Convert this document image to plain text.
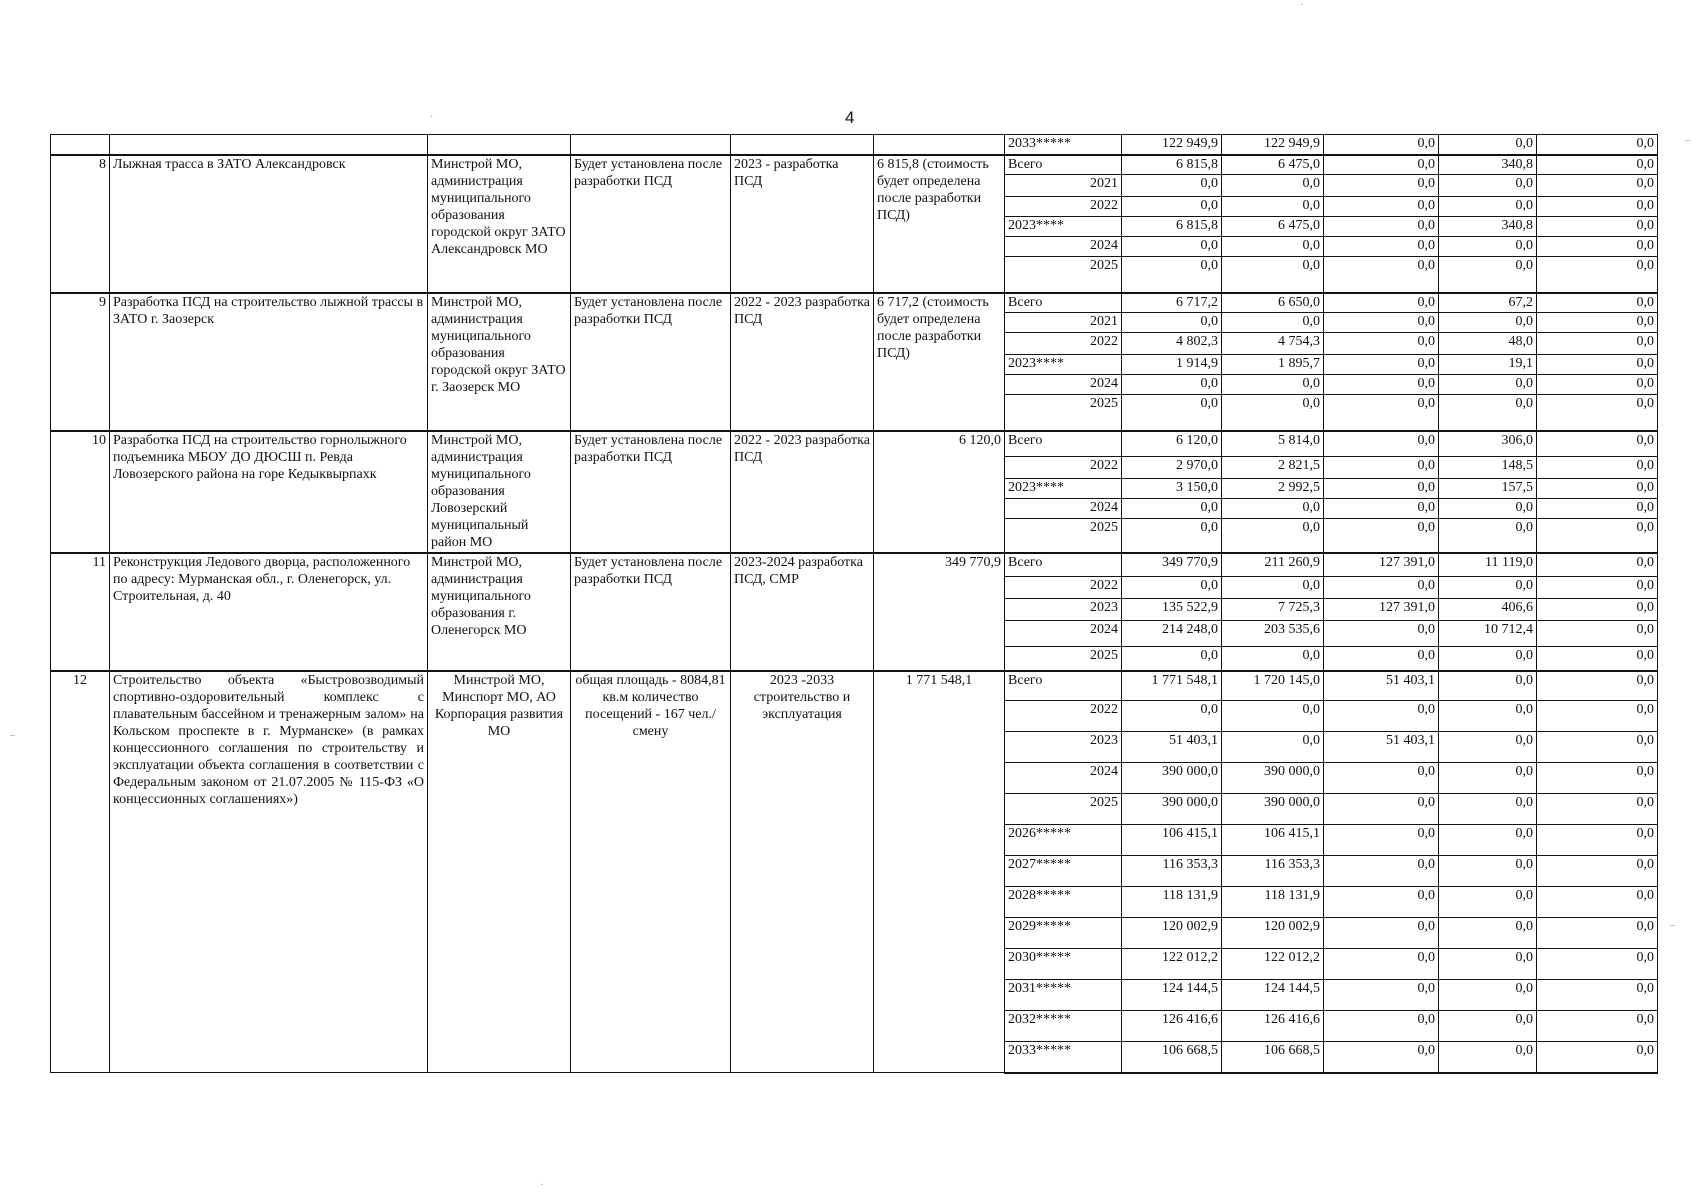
4
						2033*****	122 949,9	122 949,9	0,0	0,0	0,0
8	Лыжная трасса в ЗАТО Александровск	Минстрой МО, администрация муниципального образования городской округ ЗАТО Александровск МО	Будет установлена после разработки ПСД	2023 - разработка ПСД	6 815,8 (стоимость будет определена после разработки ПСД)	Всего	6 815,8	6 475,0	0,0	340,8	0,0
						2021	0,0	0,0	0,0	0,0	0,0
						2022	0,0	0,0	0,0	0,0	0,0
						2023****	6 815,8	6 475,0	0,0	340,8	0,0
						2024	0,0	0,0	0,0	0,0	0,0
						2025	0,0	0,0	0,0	0,0	0,0
9	Разработка ПСД на строительство лыжной трассы в ЗАТО г. Заозерск	Минстрой МО, администрация муниципального образования городской округ ЗАТО г. Заозерск МО	Будет установлена после разработки ПСД	2022 - 2023 разработка ПСД	6 717,2 (стоимость будет определена после разработки ПСД)	Всего	6 717,2	6 650,0	0,0	67,2	0,0
						2021	0,0	0,0	0,0	0,0	0,0
						2022	4 802,3	4 754,3	0,0	48,0	0,0
						2023****	1 914,9	1 895,7	0,0	19,1	0,0
						2024	0,0	0,0	0,0	0,0	0,0
						2025	0,0	0,0	0,0	0,0	0,0
10	Разработка ПСД на строительство горнолыжного подъемника МБОУ ДО ДЮСШ п. Ревда Ловозерского района на горе Кедыквырпахк	Минстрой МО, администрация муниципального образования Ловозерский муниципальный район МО	Будет установлена после разработки ПСД	2022 - 2023 разработка ПСД	6 120,0	Всего	6 120,0	5 814,0	0,0	306,0	0,0
						2022	2 970,0	2 821,5	0,0	148,5	0,0
						2023****	3 150,0	2 992,5	0,0	157,5	0,0
						2024	0,0	0,0	0,0	0,0	0,0
						2025	0,0	0,0	0,0	0,0	0,0
11	Реконструкция Ледового дворца, расположенного по адресу: Мурманская обл., г. Оленегорск, ул. Строительная, д. 40	Минстрой МО, администрация муниципального образования г. Оленегорск МО	Будет установлена после разработки ПСД	2023-2024 разработка ПСД, СМР	349 770,9	Всего	349 770,9	211 260,9	127 391,0	11 119,0	0,0
						2022	0,0	0,0	0,0	0,0	0,0
						2023	135 522,9	7 725,3	127 391,0	406,6	0,0
						2024	214 248,0	203 535,6	0,0	10 712,4	0,0
						2025	0,0	0,0	0,0	0,0	0,0
12	Строительство объекта «Быстровозводимый спортивно-оздоровительный комплекс с плавательным бассейном и тренажерным залом» на Кольском проспекте в г. Мурманске» (в рамках концессионного соглашения по строительству и эксплуатации объекта соглашения в соответствии с Федеральным законом от 21.07.2005 № 115-ФЗ «О концессионных соглашениях»)	Минстрой МО, Минспорт МО, АО Корпорация развития МО	общая площадь - 8084,81 кв.м количество посещений - 167 чел./смену	2023 -2033 строительство и эксплуатация	1 771 548,1	Всего	1 771 548,1	1 720 145,0	51 403,1	0,0	0,0
						2022	0,0	0,0	0,0	0,0	0,0
						2023	51 403,1	0,0	51 403,1	0,0	0,0
						2024	390 000,0	390 000,0	0,0	0,0	0,0
						2025	390 000,0	390 000,0	0,0	0,0	0,0
						2026*****	106 415,1	106 415,1	0,0	0,0	0,0
						2027*****	116 353,3	116 353,3	0,0	0,0	0,0
						2028*****	118 131,9	118 131,9	0,0	0,0	0,0
						2029*****	120 002,9	120 002,9	0,0	0,0	0,0
						2030*****	122 012,2	122 012,2	0,0	0,0	0,0
						2031*****	124 144,5	124 144,5	0,0	0,0	0,0
						2032*****	126 416,6	126 416,6	0,0	0,0	0,0
						2033*****	106 668,5	106 668,5	0,0	0,0	0,0
·
·
–
–
·
–
